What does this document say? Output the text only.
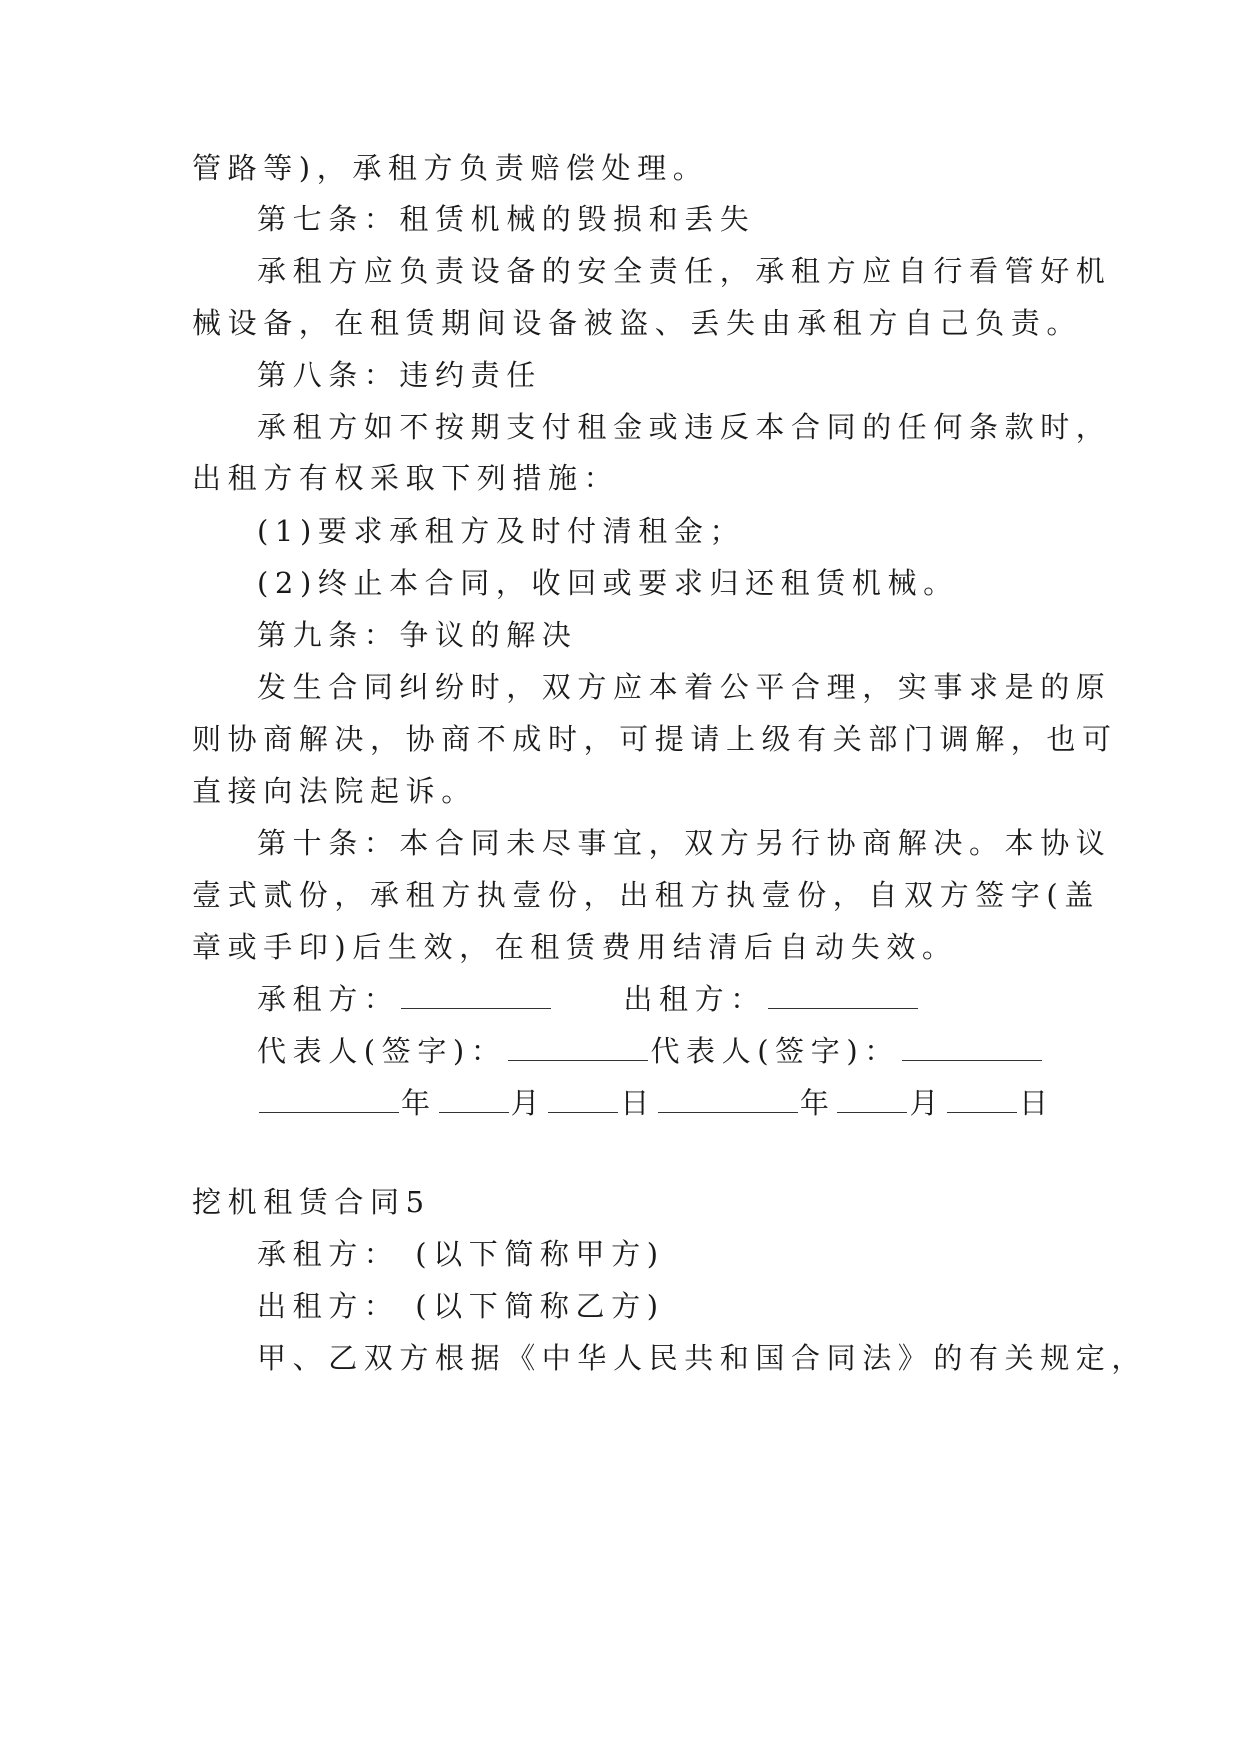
管路等)，承租方负责赔偿处理。
第七条：租赁机械的毁损和丢失
承租方应负责设备的安全责任，承租方应自行看管好机
械设备，在租赁期间设备被盗、丢失由承租方自己负责。
第八条：违约责任
承租方如不按期支付租金或违反本合同的任何条款时，
出租方有权采取下列措施：
(1)要求承租方及时付清租金；
(2)终止本合同，收回或要求归还租赁机械。
第九条：争议的解决
发生合同纠纷时，双方应本着公平合理，实事求是的原
则协商解决，协商不成时，可提请上级有关部门调解，也可
直接向法院起诉。
第十条：本合同未尽事宜，双方另行协商解决。本协议
壹式贰份，承租方执壹份，出租方执壹份，自双方签字(盖
章或手印)后生效，在租赁费用结清后自动失效。
承租方：	出租方：
代表人(签字)：	代表人(签字)：
年	月	日	年	月	日
挖机租赁合同5
承租方： (以下简称甲方)
出租方： (以下简称乙方)
甲、乙双方根据《中华人民共和国合同法》的有关规定，
